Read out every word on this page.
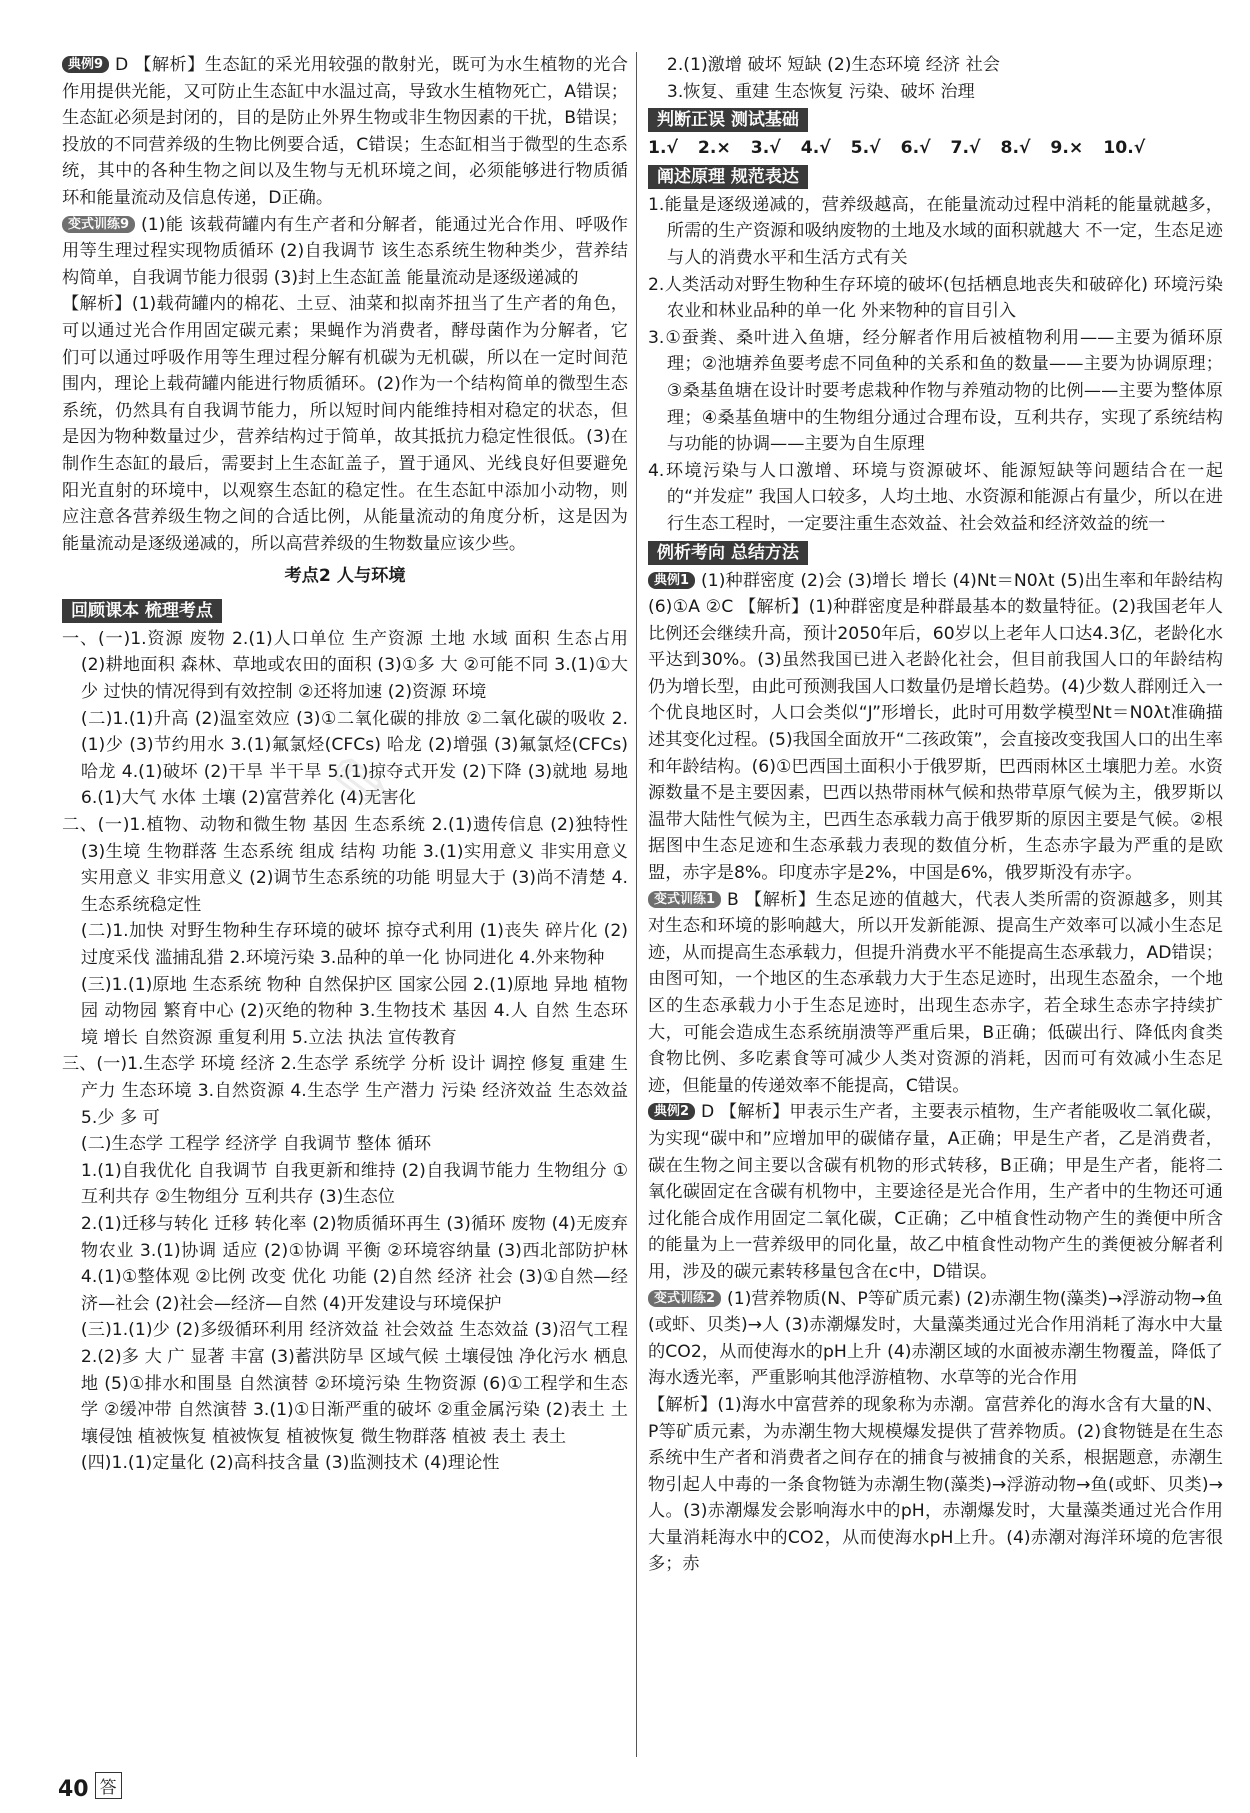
典例9 D 【解析】生态缸的采光用较强的散射光，既可为水生植物的光合作用提供光能，又可防止生态缸中水温过高，导致水生植物死亡，A错误；生态缸必须是封闭的，目的是防止外界生物或非生物因素的干扰，B错误；投放的不同营养级的生物比例要合适，C错误；生态缸相当于微型的生态系统，其中的各种生物之间以及生物与无机环境之间，必须能够进行物质循环和能量流动及信息传递，D正确。

变式训练9 (1)能 该载荷罐内有生产者和分解者，能通过光合作用、呼吸作用等生理过程实现物质循环 (2)自我调节 该生态系统生物种类少，营养结构简单，自我调节能力很弱 (3)封上生态缸盖 能量流动是逐级递减的

【解析】(1)载荷罐内的棉花、土豆、油菜和拟南芥扭当了生产者的角色，可以通过光合作用固定碳元素；果蝇作为消费者，酵母菌作为分解者，它们可以通过呼吸作用等生理过程分解有机碳为无机碳，所以在一定时间范围内，理论上载荷罐内能进行物质循环。(2)作为一个结构简单的微型生态系统，仍然具有自我调节能力，所以短时间内能维持相对稳定的状态，但是因为物种数量过少，营养结构过于简单，故其抵抗力稳定性很低。(3)在制作生态缸的最后，需要封上生态缸盖子，置于通风、光线良好但要避免阳光直射的环境中，以观察生态缸的稳定性。在生态缸中添加小动物，则应注意各营养级生物之间的合适比例，从能量流动的角度分析，这是因为能量流动是逐级递减的，所以高营养级的生物数量应该少些。

考点2 人与环境

回顾课本 梳理考点

一、(一)1.资源 废物 2.(1)人口单位 生产资源 土地 水域 面积 生态占用 (2)耕地面积 森林、草地或农田的面积 (3)①多 大 ②可能不同 3.(1)①大 少 过快的情况得到有效控制 ②还将加速 (2)资源 环境

(二)1.(1)升高 (2)温室效应 (3)①二氧化碳的排放 ②二氧化碳的吸收 2.(1)少 (3)节约用水 3.(1)氟氯烃(CFCs) 哈龙 (2)增强 (3)氟氯烃(CFCs) 哈龙 4.(1)破坏 (2)干旱 半干旱 5.(1)掠夺式开发 (2)下降 (3)就地 易地 6.(1)大气 水体 土壤 (2)富营养化 (4)无害化

二、(一)1.植物、动物和微生物 基因 生态系统 2.(1)遗传信息 (2)独特性 (3)生境 生物群落 生态系统 组成 结构 功能 3.(1)实用意义 非实用意义 实用意义 非实用意义 (2)调节生态系统的功能 明显大于 (3)尚不清楚 4.生态系统稳定性

(二)1.加快 对野生物种生存环境的破坏 掠夺式利用 (1)丧失 碎片化 (2)过度采伐 滥捕乱猎 2.环境污染 3.品种的单一化 协同进化 4.外来物种

(三)1.(1)原地 生态系统 物种 自然保护区 国家公园 2.(1)原地 异地 植物园 动物园 繁育中心 (2)灭绝的物种 3.生物技术 基因 4.人 自然 生态环境 增长 自然资源 重复利用 5.立法 执法 宣传教育

三、(一)1.生态学 环境 经济 2.生态学 系统学 分析 设计 调控 修复 重建 生产力 生态环境 3.自然资源 4.生态学 生产潜力 污染 经济效益 生态效益 5.少 多 可

(二)生态学 工程学 经济学 自我调节 整体 循环

1.(1)自我优化 自我调节 自我更新和维持 (2)自我调节能力 生物组分 ①互利共存 ②生物组分 互利共存 (3)生态位

2.(1)迁移与转化 迁移 转化率 (2)物质循环再生 (3)循环 废物 (4)无废弃物农业 3.(1)协调 适应 (2)①协调 平衡 ②环境容纳量 (3)西北部防护林 4.(1)①整体观 ②比例 改变 优化 功能 (2)自然 经济 社会 (3)①自然—经济—社会 (2)社会—经济—自然 (4)开发建设与环境保护

(三)1.(1)少 (2)多级循环利用 经济效益 社会效益 生态效益 (3)沼气工程 2.(2)多 大 广 显著 丰富 (3)蓄洪防旱 区域气候 土壤侵蚀 净化污水 栖息地 (5)①排水和围垦 自然演替 ②环境污染 生物资源 (6)①工程学和生态学 ②缓冲带 自然演替 3.(1)①日渐严重的破坏 ②重金属污染 (2)表土 土壤侵蚀 植被恢复 植被恢复 植被恢复 微生物群落 植被 表土 表土

(四)1.(1)定量化 (2)高科技含量 (3)监测技术 (4)理论性

2.(1)激增 破坏 短缺 (2)生态环境 经济 社会

3.恢复、重建 生态恢复 污染、破坏 治理

判断正误 测试基础

1.√ 2.× 3.√ 4.√ 5.√ 6.√ 7.√ 8.√ 9.× 10.√

阐述原理 规范表达

1.能量是逐级递减的，营养级越高，在能量流动过程中消耗的能量就越多，所需的生产资源和吸纳废物的土地及水域的面积就越大 不一定，生态足迹与人的消费水平和生活方式有关

2.人类活动对野生物种生存环境的破坏(包括栖息地丧失和破碎化) 环境污染 农业和林业品种的单一化 外来物种的盲目引入

3.①蚕粪、桑叶进入鱼塘，经分解者作用后被植物利用——主要为循环原理；②池塘养鱼要考虑不同鱼种的关系和鱼的数量——主要为协调原理；③桑基鱼塘在设计时要考虑栽种作物与养殖动物的比例——主要为整体原理；④桑基鱼塘中的生物组分通过合理布设，互利共存，实现了系统结构与功能的协调——主要为自生原理

4.环境污染与人口激增、环境与资源破坏、能源短缺等问题结合在一起的“并发症” 我国人口较多，人均土地、水资源和能源占有量少，所以在进行生态工程时，一定要注重生态效益、社会效益和经济效益的统一

例析考向 总结方法

典例1 (1)种群密度 (2)会 (3)增长 增长 (4)Nt＝N0λt (5)出生率和年龄结构 (6)①A ②C 【解析】(1)种群密度是种群最基本的数量特征。(2)我国老年人比例还会继续升高，预计2050年后，60岁以上老年人口达4.3亿，老龄化水平达到30%。(3)虽然我国已进入老龄化社会，但目前我国人口的年龄结构仍为增长型，由此可预测我国人口数量仍是增长趋势。(4)少数人群刚迁入一个优良地区时，人口会类似“J”形增长，此时可用数学模型Nt＝N0λt准确描述其变化过程。(5)我国全面放开“二孩政策”，会直接改变我国人口的出生率和年龄结构。(6)①巴西国土面积小于俄罗斯，巴西雨林区土壤肥力差。水资源数量不是主要因素，巴西以热带雨林气候和热带草原气候为主，俄罗斯以温带大陆性气候为主，巴西生态承载力高于俄罗斯的原因主要是气候。②根据图中生态足迹和生态承载力表现的数值分析，生态赤字最为严重的是欧盟，赤字是8%。印度赤字是2%，中国是6%，俄罗斯没有赤字。

变式训练1 B 【解析】生态足迹的值越大，代表人类所需的资源越多，则其对生态和环境的影响越大，所以开发新能源、提高生产效率可以减小生态足迹，从而提高生态承载力，但提升消费水平不能提高生态承载力，AD错误；由图可知，一个地区的生态承载力大于生态足迹时，出现生态盈余，一个地区的生态承载力小于生态足迹时，出现生态赤字，若全球生态赤字持续扩大，可能会造成生态系统崩溃等严重后果，B正确；低碳出行、降低肉食类食物比例、多吃素食等可减少人类对资源的消耗，因而可有效减小生态足迹，但能量的传递效率不能提高，C错误。

典例2 D 【解析】甲表示生产者，主要表示植物，生产者能吸收二氧化碳，为实现“碳中和”应增加甲的碳储存量，A正确；甲是生产者，乙是消费者，碳在生物之间主要以含碳有机物的形式转移，B正确；甲是生产者，能将二氧化碳固定在含碳有机物中，主要途径是光合作用，生产者中的生物还可通过化能合成作用固定二氧化碳，C正确；乙中植食性动物产生的粪便中所含的能量为上一营养级甲的同化量，故乙中植食性动物产生的粪便被分解者利用，涉及的碳元素转移量包含在c中，D错误。

变式训练2 (1)营养物质(N、P等矿质元素) (2)赤潮生物(藻类)→浮游动物→鱼(或虾、贝类)→人 (3)赤潮爆发时，大量藻类通过光合作用消耗了海水中大量的CO2，从而使海水的pH上升 (4)赤潮区域的水面被赤潮生物覆盖，降低了海水透光率，严重影响其他浮游植物、水草等的光合作用

【解析】(1)海水中富营养的现象称为赤潮。富营养化的海水含有大量的N、P等矿质元素，为赤潮生物大规模爆发提供了营养物质。(2)食物链是在生态系统中生产者和消费者之间存在的捕食与被捕食的关系，根据题意，赤潮生物引起人中毒的一条食物链为赤潮生物(藻类)→浮游动物→鱼(或虾、贝类)→人。(3)赤潮爆发会影响海水中的pH，赤潮爆发时，大量藻类通过光合作用大量消耗海水中的CO2，从而使海水pH上升。(4)赤潮对海洋环境的危害很多；赤

✎
40 答
